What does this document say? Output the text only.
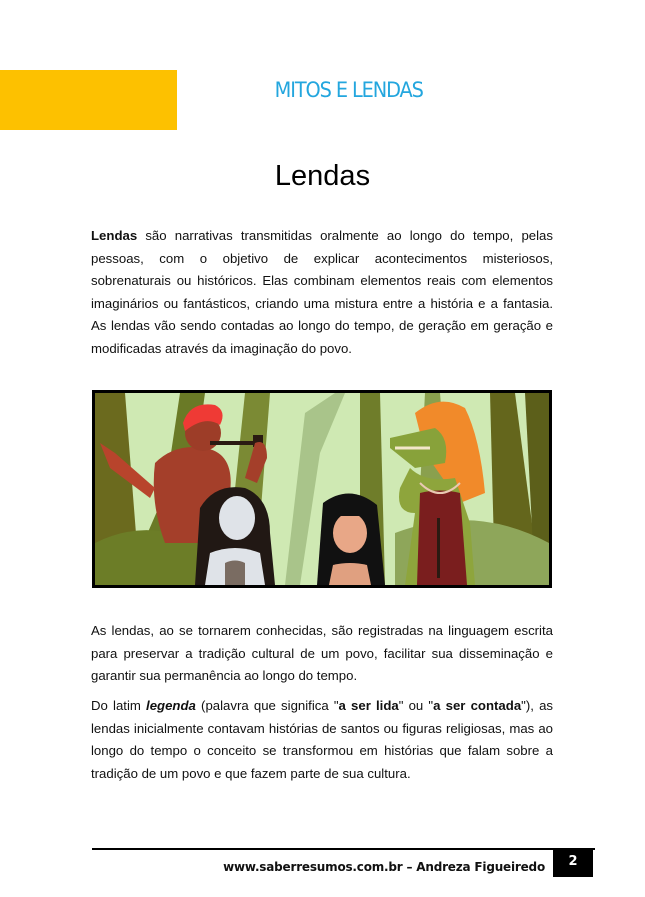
MITOS E LENDAS
Lendas

Lendas são narrativas transmitidas oralmente ao longo do tempo, pelas pessoas, com o objetivo de explicar acontecimentos misteriosos, sobrenaturais ou históricos. Elas combinam elementos reais com elementos imaginários ou fantásticos, criando uma mistura entre a história e a fantasia. As lendas vão sendo contadas ao longo do tempo, de geração em geração e modificadas através da imaginação do povo.

As lendas, ao se tornarem conhecidas, são registradas na linguagem escrita para preservar a tradição cultural de um povo, facilitar sua disseminação e garantir sua permanência ao longo do tempo.

Do latim legenda (palavra que significa "a ser lida" ou "a ser contada"), as lendas inicialmente contavam histórias de santos ou figuras religiosas, mas ao longo do tempo o conceito se transformou em histórias que falam sobre a tradição de um povo e que fazem parte de sua cultura.

www.saberresumos.com.br – Andreza Figueiredo	2
